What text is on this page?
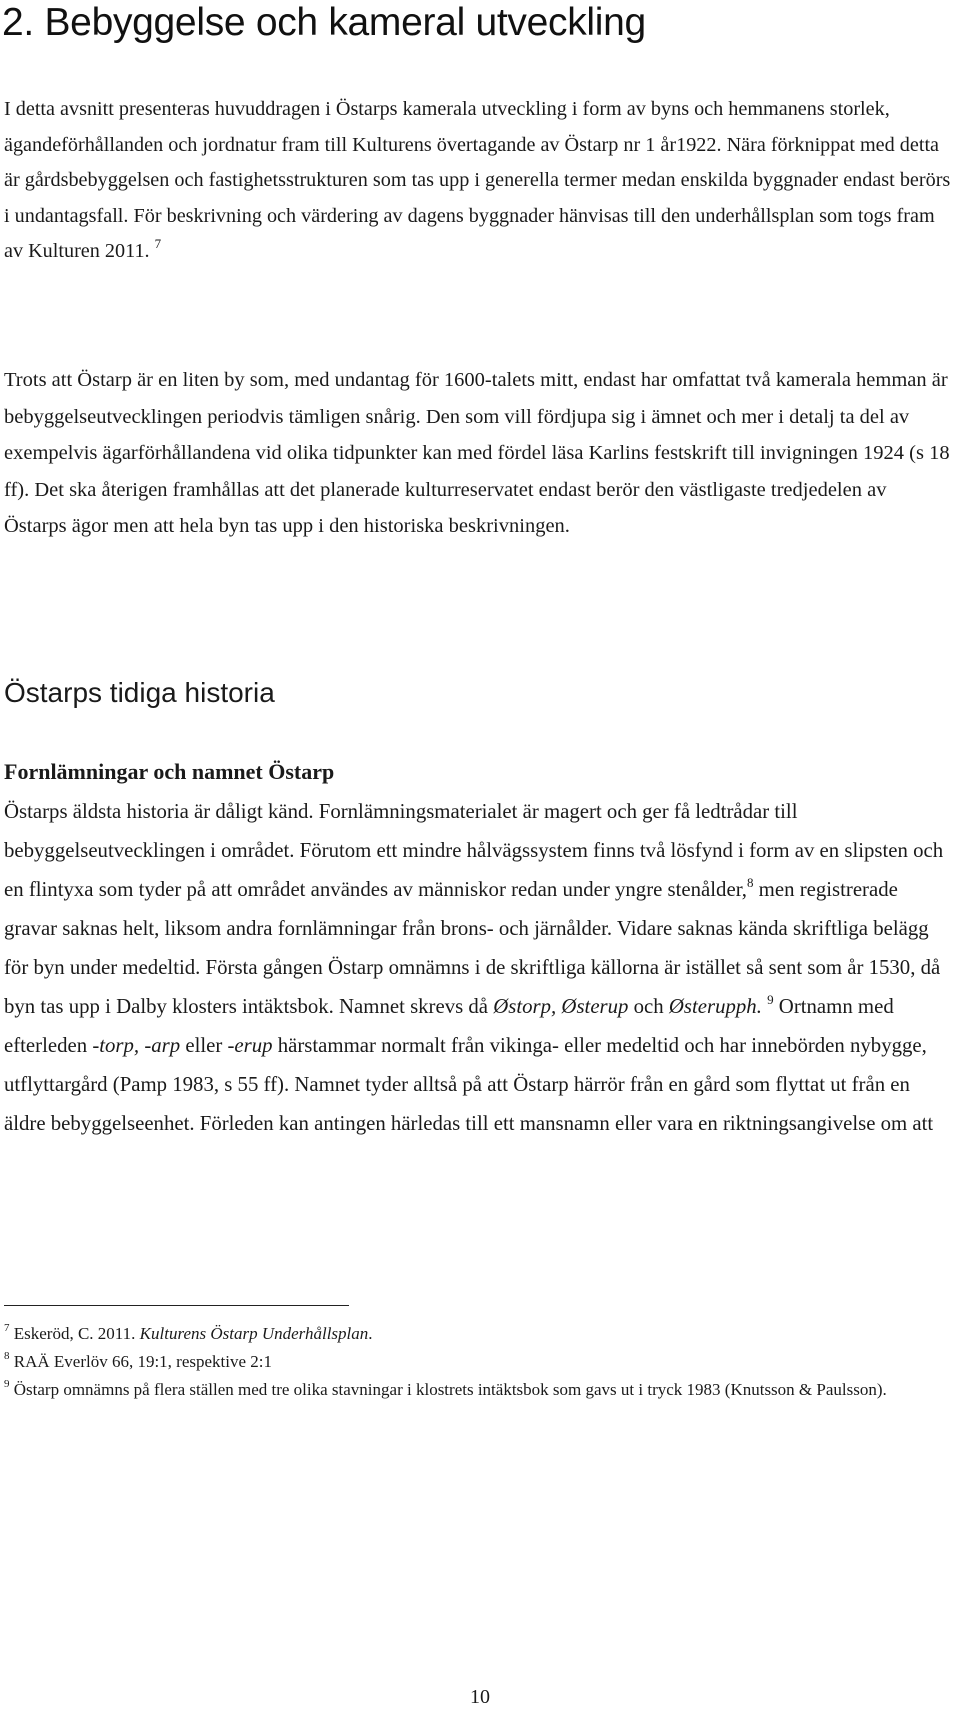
2. Bebyggelse och kameral utveckling

I detta avsnitt presenteras huvuddragen i Östarps kamerala utveckling i form av byns och hemmanens storlek, ägandeförhållanden och jordnatur fram till Kulturens övertagande av Östarp nr 1 år1922. Nära förknippat med detta är gårdsbebyggelsen och fastighetsstrukturen som tas upp i generella termer medan enskilda byggnader endast berörs i undantagsfall. För beskrivning och värdering av dagens byggnader hänvisas till den underhållsplan som togs fram av Kulturen 2011. $^7$

Trots att Östarp är en liten by som, med undantag för 1600-talets mitt, endast har omfattat två kamerala hemman är bebyggelseutvecklingen periodvis tämligen snårig. Den som vill fördjupa sig i ämnet och mer i detalj ta del av exempelvis ägarförhållandena vid olika tidpunkter kan med fördel läsa Karlins festskrift till invigningen 1924 (s 18 ff). Det ska återigen framhållas att det planerade kulturreservatet endast berör den västligaste tredjedelen av Östarps ägor men att hela byn tas upp i den historiska beskrivningen.

Östarps tidiga historia
Fornlämningar och namnet Östarp

Östarps äldsta historia är dåligt känd. Fornlämningsmaterialet är magert och ger få ledtrådar till bebyggelseutvecklingen i området. Förutom ett mindre hålvägssystem finns två lösfynd i form av en slipsten och en flintyxa som tyder på att området användes av människor redan under yngre stenålder,$^8$ men registrerade gravar saknas helt, liksom andra fornlämningar från brons- och järnålder. Vidare saknas kända skriftliga belägg för byn under medeltid. Första gången Östarp omnämns i de skriftliga källorna är istället så sent som år 1530, då byn tas upp i Dalby klosters intäktsbok. Namnet skrevs då Østorp, Østerup och Østerupph. $^9$ Ortnamn med efterleden -torp, -arp eller -erup härstammar normalt från vikinga- eller medeltid och har innebörden nybygge, utflyttargård (Pamp 1983, s 55 ff). Namnet tyder alltså på att Östarp härrör från en gård som flyttat ut från en äldre bebyggelseenhet. Förleden kan antingen härledas till ett mansnamn eller vara en riktningsangivelse om att

$^7$ Eskeröd, C. 2011. Kulturens Östarp Underhållsplan.
$^8$ RAÄ Everlöv 66, 19:1, respektive 2:1
$^9$ Östarp omnämns på flera ställen med tre olika stavningar i klostrets intäktsbok som gavs ut i tryck 1983 (Knutsson & Paulsson).
10
